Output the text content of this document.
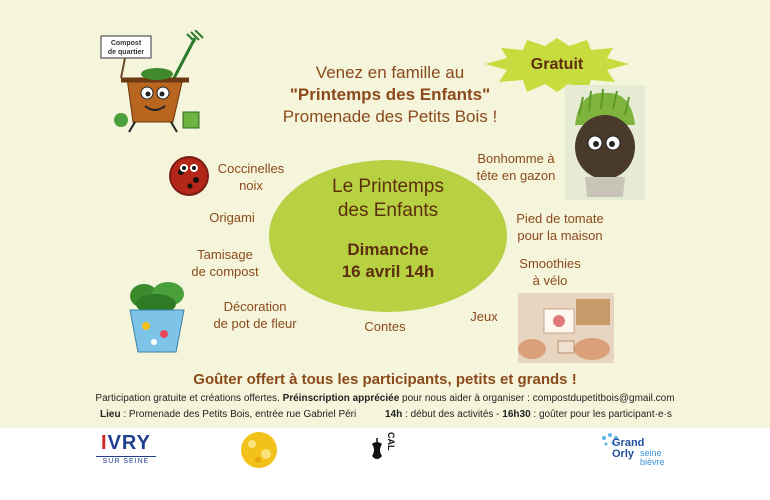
Compost
de quartier
Gratuit
Venez en famille au
"Printemps des Enfants"
Promenade des Petits Bois !
Coccinelles
noix
Origami
Tamisage
de compost
Décoration
de pot de fleur
Le Printemps
des Enfants
Dimanche
16 avril 14h
Contes
Bonhomme à
tête en gazon
Pied de tomate
pour la maison
Smoothies
à vélo
Jeux
Goûter offert à tous les participants, petits et grands !
Participation gratuite et créations offertes. Préinscription appréciée pour nous aider à organiser : compostdupetitbois@gmail.com
Lieu : Promenade des Petits Bois, entrée rue Gabriel Péri	14h : début des activités - 16h30 : goûter pour les participant·e·s
IVRY
SUR SEINE
CAL	Grand
Orly seine
bièvre
